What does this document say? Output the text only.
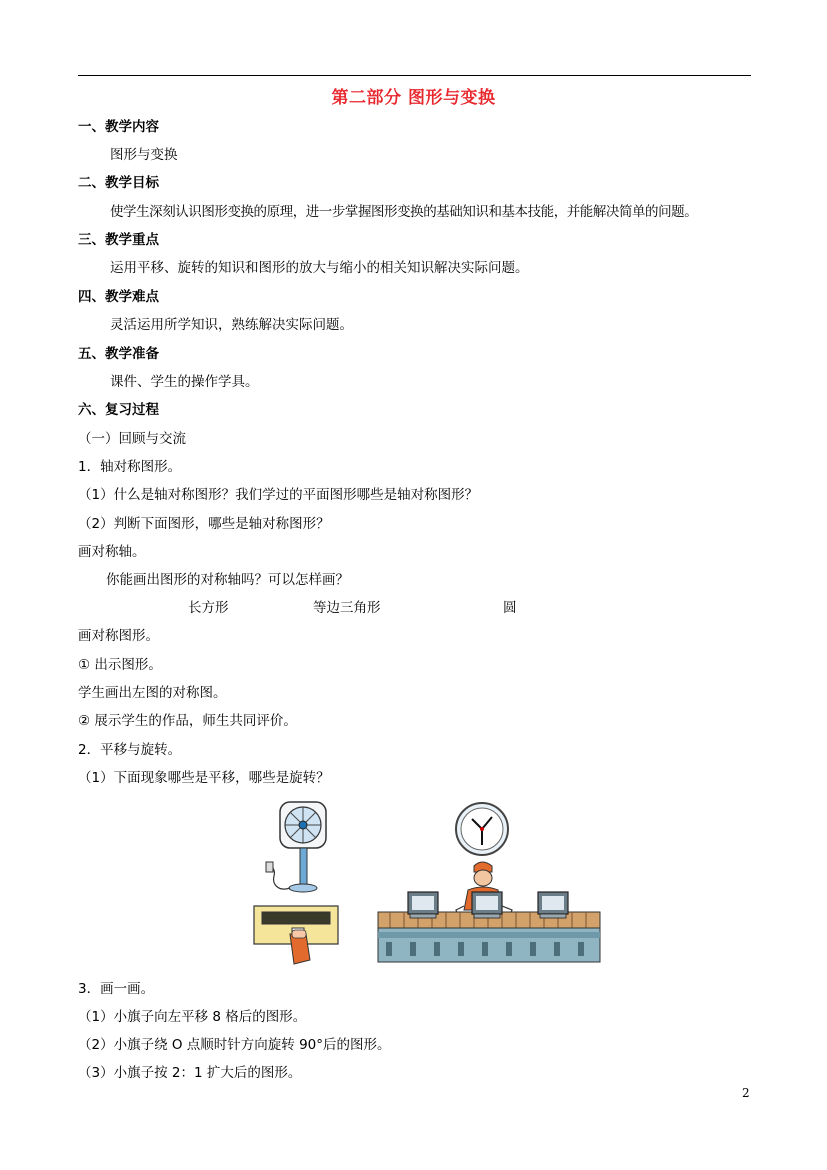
第二部分 图形与变换
一、教学内容
图形与变换
二、教学目标
使学生深刻认识图形变换的原理，进一步掌握图形变换的基础知识和基本技能，并能解决简单的问题。
三、教学重点
运用平移、旋转的知识和图形的放大与缩小的相关知识解决实际问题。
四、教学难点
灵活运用所学知识，熟练解决实际问题。
五、教学准备
课件、学生的操作学具。
六、复习过程
（一）回顾与交流
1．轴对称图形。
（1）什么是轴对称图形？我们学过的平面图形哪些是轴对称图形？
（2）判断下面图形，哪些是轴对称图形？
画对称轴。
你能画出图形的对称轴吗？可以怎样画？
长方形	等边三角形	圆
画对称图形。
① 出示图形。
学生画出左图的对称图。
② 展示学生的作品，师生共同评价。
2．平移与旋转。
（1）下面现象哪些是平移，哪些是旋转？
3．画一画。
（1）小旗子向左平移 8 格后的图形。
（2）小旗子绕 O 点顺时针方向旋转 90°后的图形。
（3）小旗子按 2：1 扩大后的图形。
2
